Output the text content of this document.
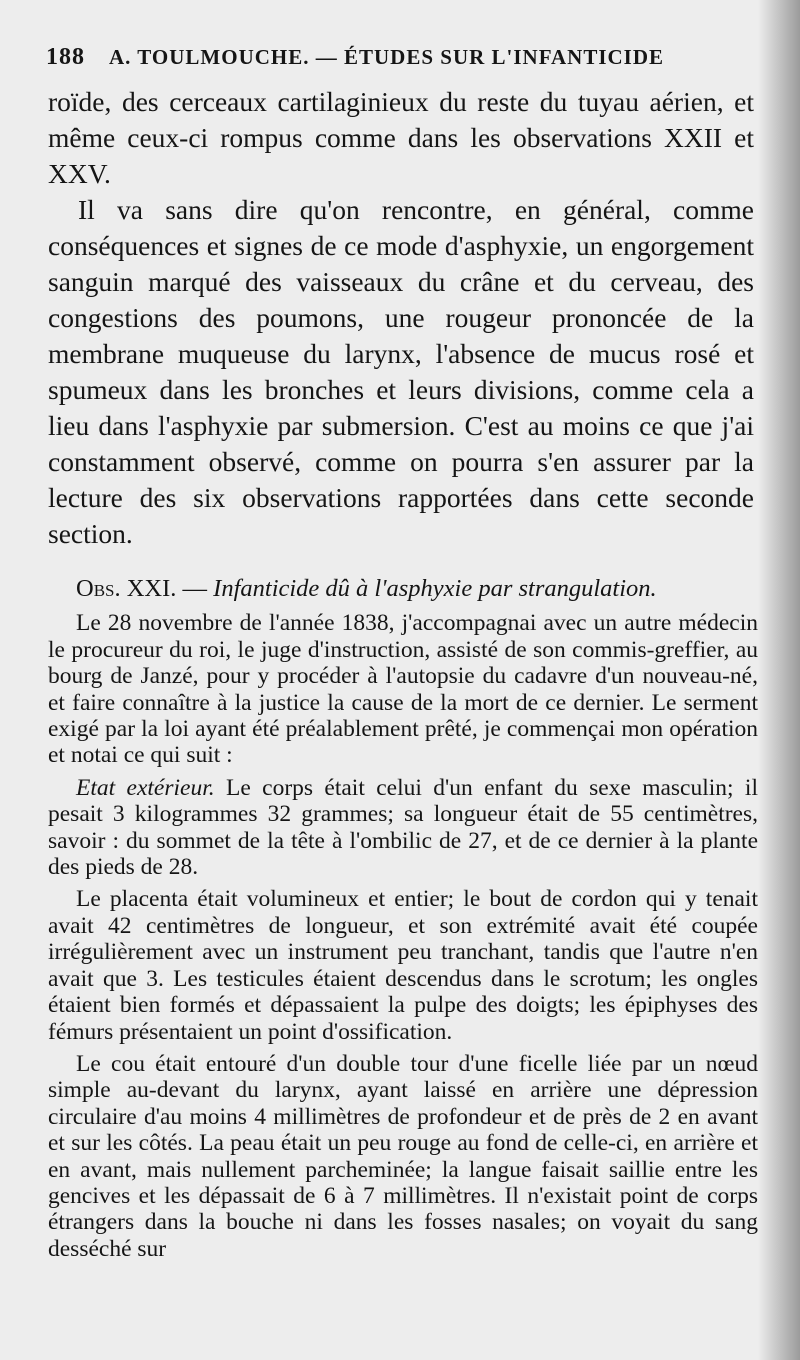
188 A. TOULMOUCHE. — ÉTUDES SUR L'INFANTICIDE

roïde, des cerceaux cartilaginieux du reste du tuyau aérien, et même ceux-ci rompus comme dans les observations XXII et XXV.

Il va sans dire qu'on rencontre, en général, comme conséquences et signes de ce mode d'asphyxie, un engorgement sanguin marqué des vaisseaux du crâne et du cerveau, des congestions des poumons, une rougeur prononcée de la membrane muqueuse du larynx, l'absence de mucus rosé et spumeux dans les bronches et leurs divisions, comme cela a lieu dans l'asphyxie par submersion. C'est au moins ce que j'ai constamment observé, comme on pourra s'en assurer par la lecture des six observations rapportées dans cette seconde section.

Obs. XXI. — Infanticide dû à l'asphyxie par strangulation.

Le 28 novembre de l'année 1838, j'accompagnai avec un autre médecin le procureur du roi, le juge d'instruction, assisté de son commis-greffier, au bourg de Janzé, pour y procéder à l'autopsie du cadavre d'un nouveau-né, et faire connaître à la justice la cause de la mort de ce dernier. Le serment exigé par la loi ayant été préalablement prêté, je commençai mon opération et notai ce qui suit :

Etat extérieur. Le corps était celui d'un enfant du sexe masculin; il pesait 3 kilogrammes 32 grammes; sa longueur était de 55 centimètres, savoir : du sommet de la tête à l'ombilic de 27, et de ce dernier à la plante des pieds de 28.

Le placenta était volumineux et entier; le bout de cordon qui y tenait avait 42 centimètres de longueur, et son extrémité avait été coupée irrégulièrement avec un instrument peu tranchant, tandis que l'autre n'en avait que 3. Les testicules étaient descendus dans le scrotum; les ongles étaient bien formés et dépassaient la pulpe des doigts; les épiphyses des fémurs présentaient un point d'ossification.

Le cou était entouré d'un double tour d'une ficelle liée par un nœud simple au-devant du larynx, ayant laissé en arrière une dépression circulaire d'au moins 4 millimètres de profondeur et de près de 2 en avant et sur les côtés. La peau était un peu rouge au fond de celle-ci, en arrière et en avant, mais nullement parcheminée; la langue faisait saillie entre les gencives et les dépassait de 6 à 7 millimètres. Il n'existait point de corps étrangers dans la bouche ni dans les fosses nasales; on voyait du sang desséché sur
